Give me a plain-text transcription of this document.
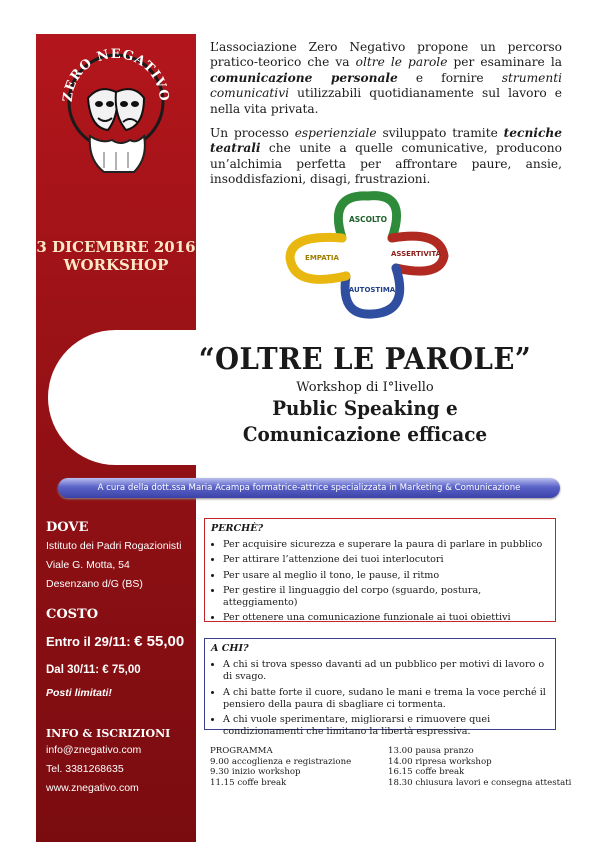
ZERO NEGATIVO
3 DICEMBRE 2016
WORKSHOP

L’associazione Zero Negativo propone un percorso pratico-teorico che va oltre le parole per esaminare la comunicazione personale e fornire strumenti comunicativi utilizzabili quotidianamente sul lavoro e nella vita privata.

Un processo esperienziale sviluppato tramite tecniche teatrali che unite a quelle comunicative, producono un’alchimia perfetta per affrontare paure, ansie, insoddisfazioni, disagi, frustrazioni.

ASCOLTO
ASSERTIVITÀ
AUTOSTIMA
EMPATIA
“OLTRE LE PAROLE”
Workshop di I°livello
Public Speaking e
Comunicazione efficace
A cura della dott.ssa Maria Acampa formatrice-attrice specializzata in Marketing & Comunicazione
DOVE
Istituto dei Padri Rogazionisti
Viale G. Motta, 54
Desenzano d/G (BS)
COSTO
Entro il 29/11: € 55,00
Dal 30/11: € 75,00
Posti limitati!
INFO & ISCRIZIONI
info@znegativo.com
Tel. 3381268635
www.znegativo.com
PERCHÈ?
• Per acquisire sicurezza e superare la paura di parlare in pubblico
• Per attirare l’attenzione dei tuoi interlocutori
• Per usare al meglio il tono, le pause, il ritmo
• Per gestire il linguaggio del corpo (sguardo, postura, atteggiamento)
• Per ottenere una comunicazione funzionale ai tuoi obiettivi
A CHI?
• A chi si trova spesso davanti ad un pubblico per motivi di lavoro o di svago.
• A chi batte forte il cuore, sudano le mani e trema la voce perché il pensiero della paura di sbagliare ci tormenta.
• A chi vuole sperimentare, migliorarsi e rimuovere quei condizionamenti che limitano la libertà espressiva.
PROGRAMMA
9.00 accoglienza e registrazione
9.30 inizio workshop
11.15 coffe break
13.00 pausa pranzo
14.00 ripresa workshop
16.15 coffe break
18.30 chiusura lavori e consegna attestati
